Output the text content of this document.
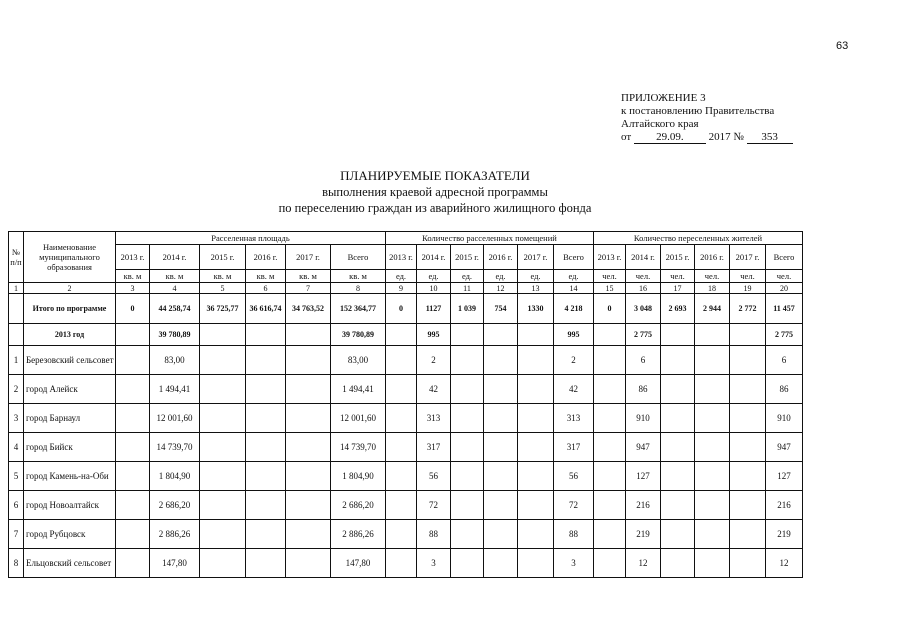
63
ПРИЛОЖЕНИЕ 3
к постановлению Правительства
Алтайского края
от 29.09. 2017 № 353
ПЛАНИРУЕМЫЕ ПОКАЗАТЕЛИ
выполнения краевой адресной программы
по переселению граждан из аварийного жилищного фонда
№ п/п	Наименование муниципального образования	Расселенная площадь						Количество расселенных помещений						Количество переселенных жителей					
		2013 г.	2014 г.	2015 г.	2016 г.	2017 г.	Всего	2013 г.	2014 г.	2015 г.	2016 г.	2017 г.	Всего	2013 г.	2014 г.	2015 г.	2016 г.	2017 г.	Всего
		кв. м	кв. м	кв. м	кв. м	кв. м	кв. м	ед.	ед.	ед.	ед.	ед.	ед.	чел.	чел.	чел.	чел.	чел.	чел.
1	2	3	4	5	6	7	8	9	10	11	12	13	14	15	16	17	18	19	20
	Итого по программе	0	44 258,74	36 725,77	36 616,74	34 763,52	152 364,77	0	1127	1 039	754	1330	4 218	0	3 048	2 693	2 944	2 772	11 457
	2013 год		39 780,89				39 780,89		995				995		2 775				2 775
1	Березовский сельсовет		83,00				83,00		2				2		6				6
2	город Алейск		1 494,41				1 494,41		42				42		86				86
3	город Барнаул		12 001,60				12 001,60		313				313		910				910
4	город Бийск		14 739,70				14 739,70		317				317		947				947
5	город Камень-на-Оби		1 804,90				1 804,90		56				56		127				127
6	город Новоалтайск		2 686,20				2 686,20		72				72		216				216
7	город Рубцовск		2 886,26				2 886,26		88				88		219				219
8	Ельцовский сельсовет		147,80				147,80		3				3		12				12
